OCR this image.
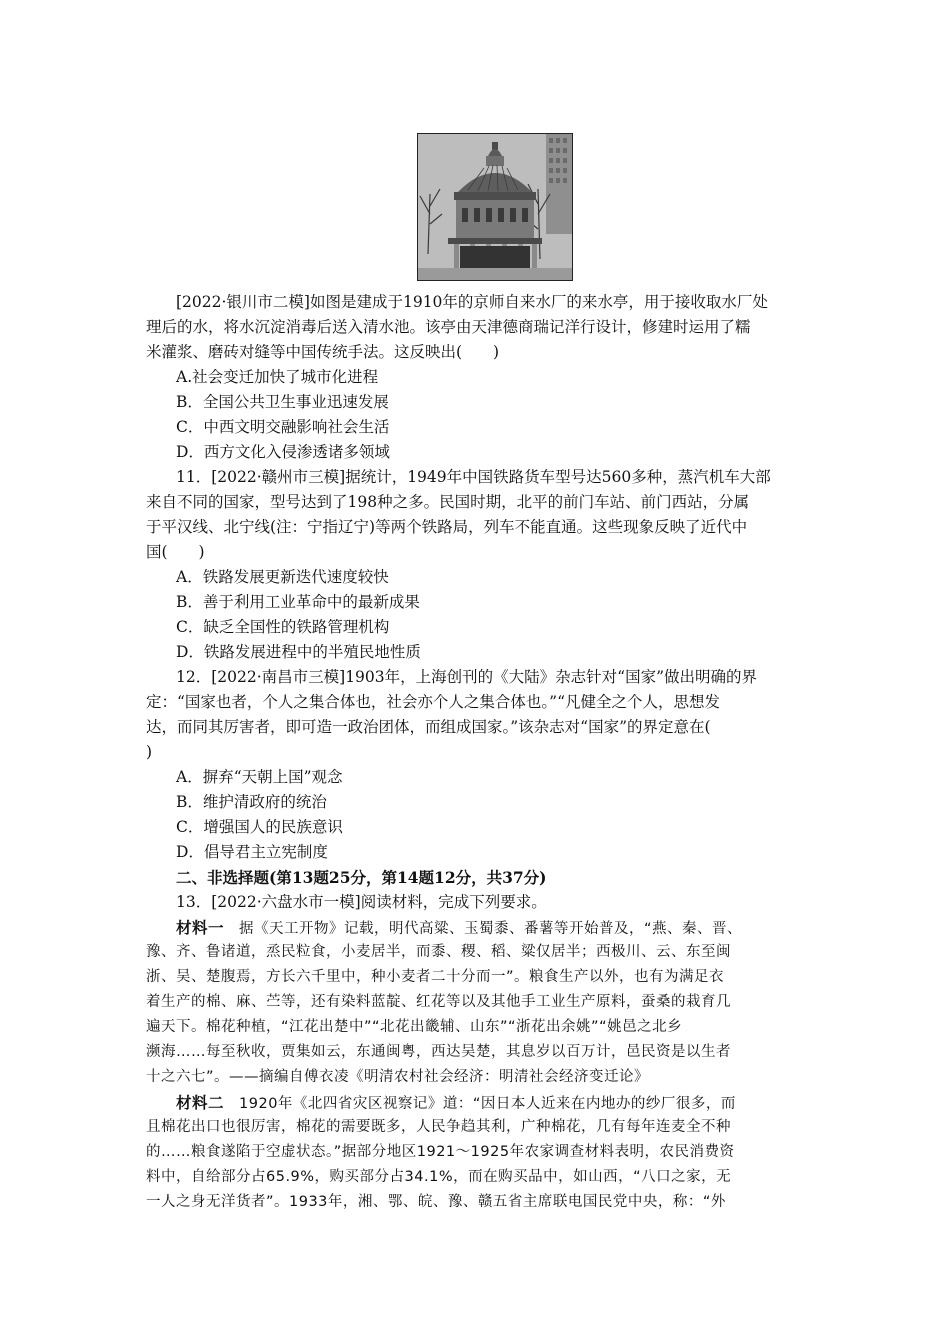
[2022·银川市二模]如图是建成于1910年的京师自来水厂的来水亭，用于接收取水厂处
理后的水，将水沉淀消毒后送入清水池。该亭由天津德商瑞记洋行设计，修建时运用了糯
米灌浆、磨砖对缝等中国传统手法。这反映出(　　)
A.社会变迁加快了城市化进程
B．全国公共卫生事业迅速发展
C．中西文明交融影响社会生活
D．西方文化入侵渗透诸多领域
11．[2022·赣州市三模]据统计，1949年中国铁路货车型号达560多种，蒸汽机车大部
来自不同的国家，型号达到了198种之多。民国时期，北平的前门车站、前门西站，分属
于平汉线、北宁线(注：宁指辽宁)等两个铁路局，列车不能直通。这些现象反映了近代中
国(　　)
A．铁路发展更新迭代速度较快
B．善于利用工业革命中的最新成果
C．缺乏全国性的铁路管理机构
D．铁路发展进程中的半殖民地性质
12．[2022·南昌市三模]1903年，上海创刊的《大陆》杂志针对“国家”做出明确的界
定：“国家也者，个人之集合体也，社会亦个人之集合体也。”“凡健全之个人，思想发
达，而同其厉害者，即可造一政治团体，而组成国家。”该杂志对“国家”的界定意在(
)
A．摒弃“天朝上国”观念
B．维护清政府的统治
C．增强国人的民族意识
D．倡导君主立宪制度
二、非选择题(第13题25分，第14题12分，共37分)
13．[2022·六盘水市一模]阅读材料，完成下列要求。
材料一　据《天工开物》记载，明代高粱、玉蜀黍、番薯等开始普及，“燕、秦、晋、
豫、齐、鲁诸道，烝民粒食，小麦居半，而黍、稷、稻、粱仅居半；西极川、云、东至闽
浙、吴、楚腹焉，方长六千里中，种小麦者二十分而一”。粮食生产以外，也有为满足衣
着生产的棉、麻、苎等，还有染料蓝靛、红花等以及其他手工业生产原料，蚕桑的栽育几
遍天下。棉花种植，“江花出楚中”“北花出畿辅、山东”“浙花出余姚”“姚邑之北乡
濒海……每至秋收，贾集如云，东通闽粤，西达吴楚，其息岁以百万计，邑民资是以生者
十之六七”。——摘编自傅衣凌《明清农村社会经济：明清社会经济变迁论》
材料二　1920年《北四省灾区视察记》道：“因日本人近来在内地办的纱厂很多，而
且棉花出口也很厉害，棉花的需要既多，人民争趋其利，广种棉花，几有每年连麦全不种
的……粮食遂陷于空虚状态。”据部分地区1921～1925年农家调查材料表明，农民消费资
料中，自给部分占65.9%，购买部分占34.1%，而在购买品中，如山西，“八口之家，无
一人之身无洋货者”。1933年，湘、鄂、皖、豫、赣五省主席联电国民党中央，称：“外
